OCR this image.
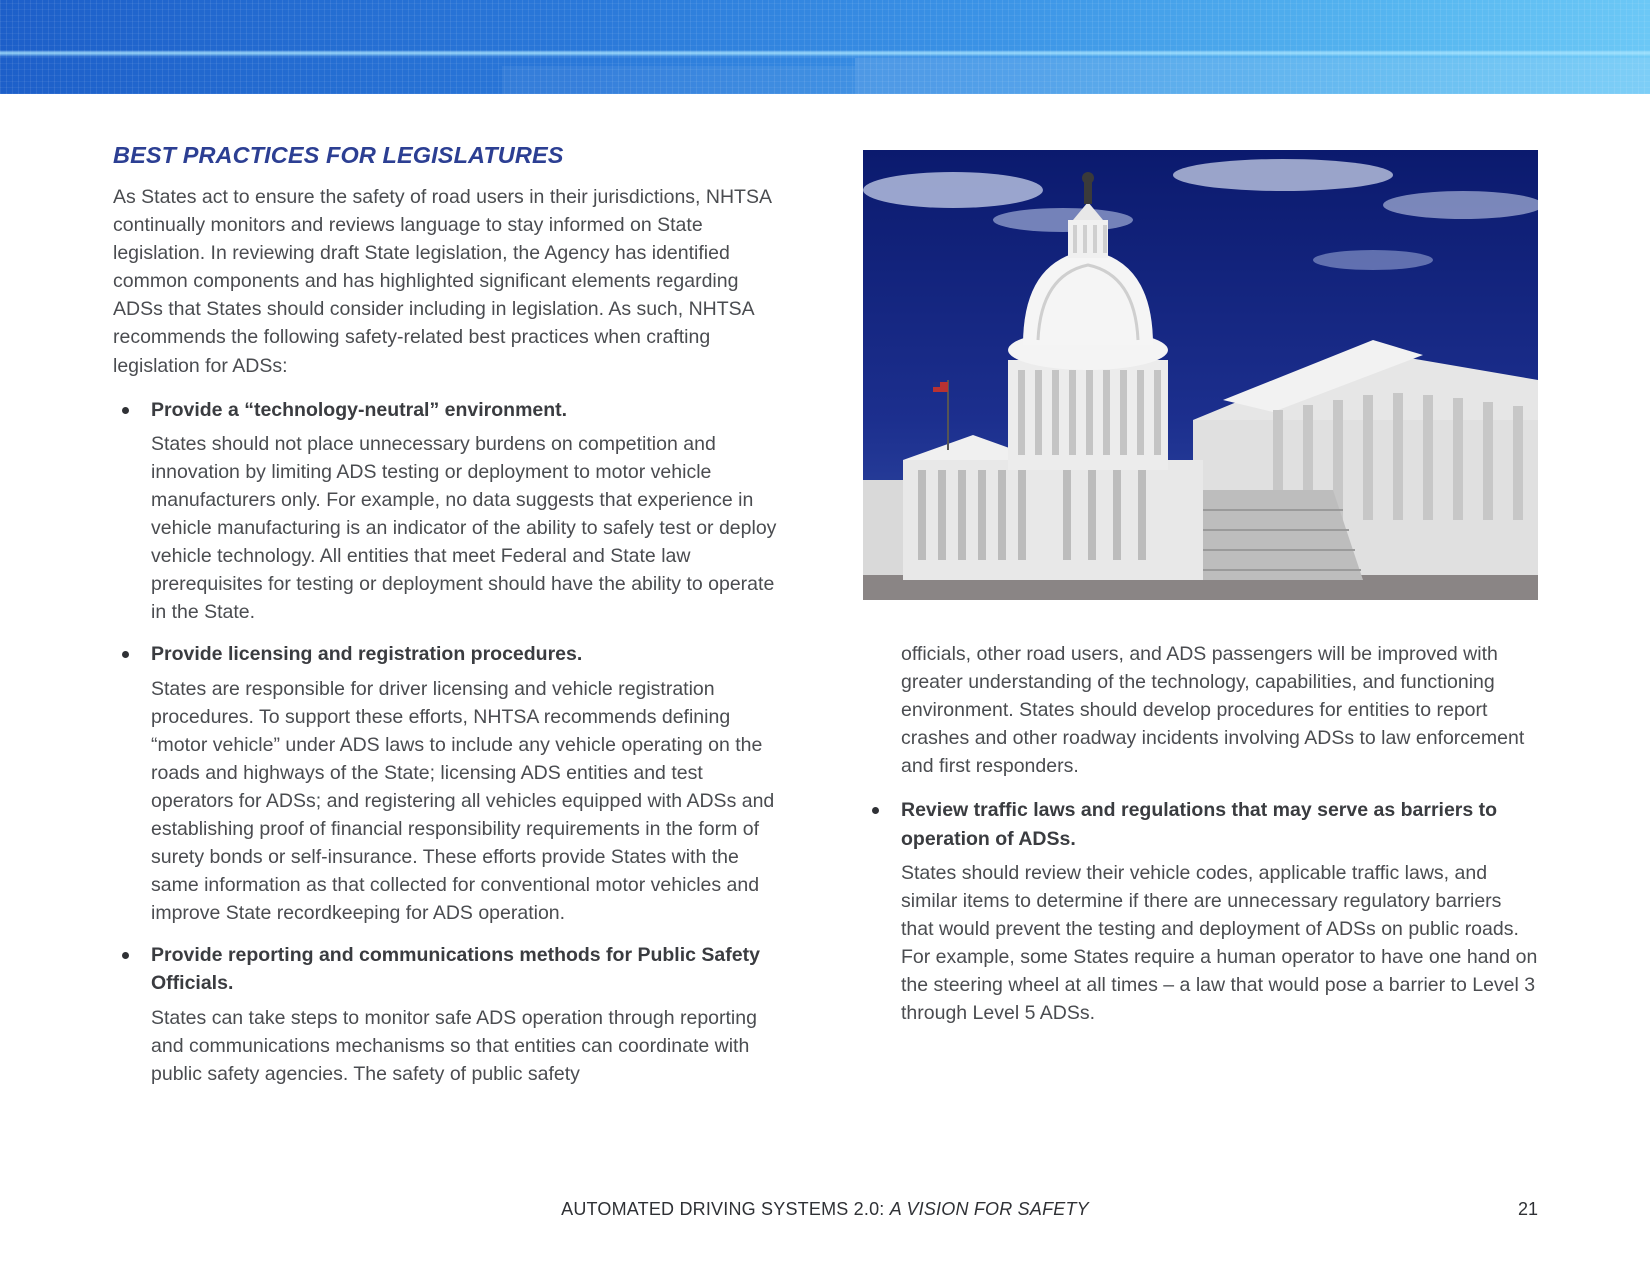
BEST PRACTICES FOR LEGISLATURES

As States act to ensure the safety of road users in their jurisdictions, NHTSA continually monitors and reviews language to stay informed on State legislation. In reviewing draft State legislation, the Agency has identified common components and has highlighted significant elements regarding ADSs that States should consider including in legislation. As such, NHTSA recommends the following safety-related best practices when crafting legislation for ADSs:

Provide a “technology-neutral” environment.

States should not place unnecessary burdens on competition and innovation by limiting ADS testing or deployment to motor vehicle manufacturers only. For example, no data suggests that experience in vehicle manufacturing is an indicator of the ability to safely test or deploy vehicle technology. All entities that meet Federal and State law prerequisites for testing or deployment should have the ability to operate in the State.

Provide licensing and registration procedures.

States are responsible for driver licensing and vehicle registration procedures. To support these efforts, NHTSA recommends defining “motor vehicle” under ADS laws to include any vehicle operating on the roads and highways of the State; licensing ADS entities and test operators for ADSs; and registering all vehicles equipped with ADSs and establishing proof of financial responsibility requirements in the form of surety bonds or self-insurance. These efforts provide States with the same information as that collected for conventional motor vehicles and improve State recordkeeping for ADS operation.

Provide reporting and communications methods for Public Safety Officials.

States can take steps to monitor safe ADS operation through reporting and communications mechanisms so that entities can coordinate with public safety agencies. The safety of public safety

officials, other road users, and ADS passengers will be improved with greater understanding of the technology, capabilities, and functioning environment. States should develop procedures for entities to report crashes and other roadway incidents involving ADSs to law enforcement and first responders.

Review traffic laws and regulations that may serve as barriers to operation of ADSs.

States should review their vehicle codes, applicable traffic laws, and similar items to determine if there are unnecessary regulatory barriers that would prevent the testing and deployment of ADSs on public roads. For example, some States require a human operator to have one hand on the steering wheel at all times – a law that would pose a barrier to Level 3 through Level 5 ADSs.

AUTOMATED DRIVING SYSTEMS 2.0: A VISION FOR SAFETY	21
